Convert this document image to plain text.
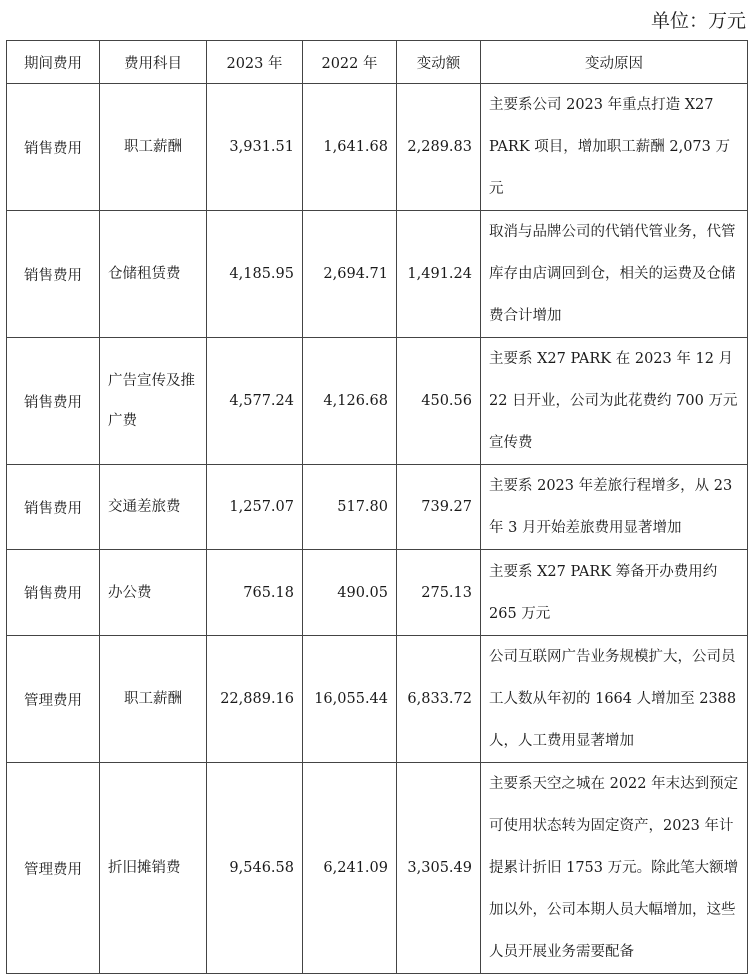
单位：万元
期间费用	费用科目	2023 年	2022 年	变动额	变动原因
销售费用	职工薪酬	3,931.51	1,641.68	2,289.83	主要系公司 2023 年重点打造 X27 PARK 项目，增加职工薪酬 2,073 万元
销售费用	仓储租赁费	4,185.95	2,694.71	1,491.24	取消与品牌公司的代销代管业务，代管库存由店调回到仓，相关的运费及仓储费合计增加
销售费用	广告宣传及推广费	4,577.24	4,126.68	450.56	主要系 X27 PARK 在 2023 年 12 月 22 日开业，公司为此花费约 700 万元宣传费
销售费用	交通差旅费	1,257.07	517.80	739.27	主要系 2023 年差旅行程增多，从 23 年 3 月开始差旅费用显著增加
销售费用	办公费	765.18	490.05	275.13	主要系 X27 PARK 筹备开办费用约 265 万元
管理费用	职工薪酬	22,889.16	16,055.44	6,833.72	公司互联网广告业务规模扩大，公司员工人数从年初的 1664 人增加至 2388 人，人工费用显著增加
管理费用	折旧摊销费	9,546.58	6,241.09	3,305.49	主要系天空之城在 2022 年末达到预定可使用状态转为固定资产，2023 年计提累计折旧 1753 万元。除此笔大额增加以外，公司本期人员大幅增加，这些人员开展业务需要配备
